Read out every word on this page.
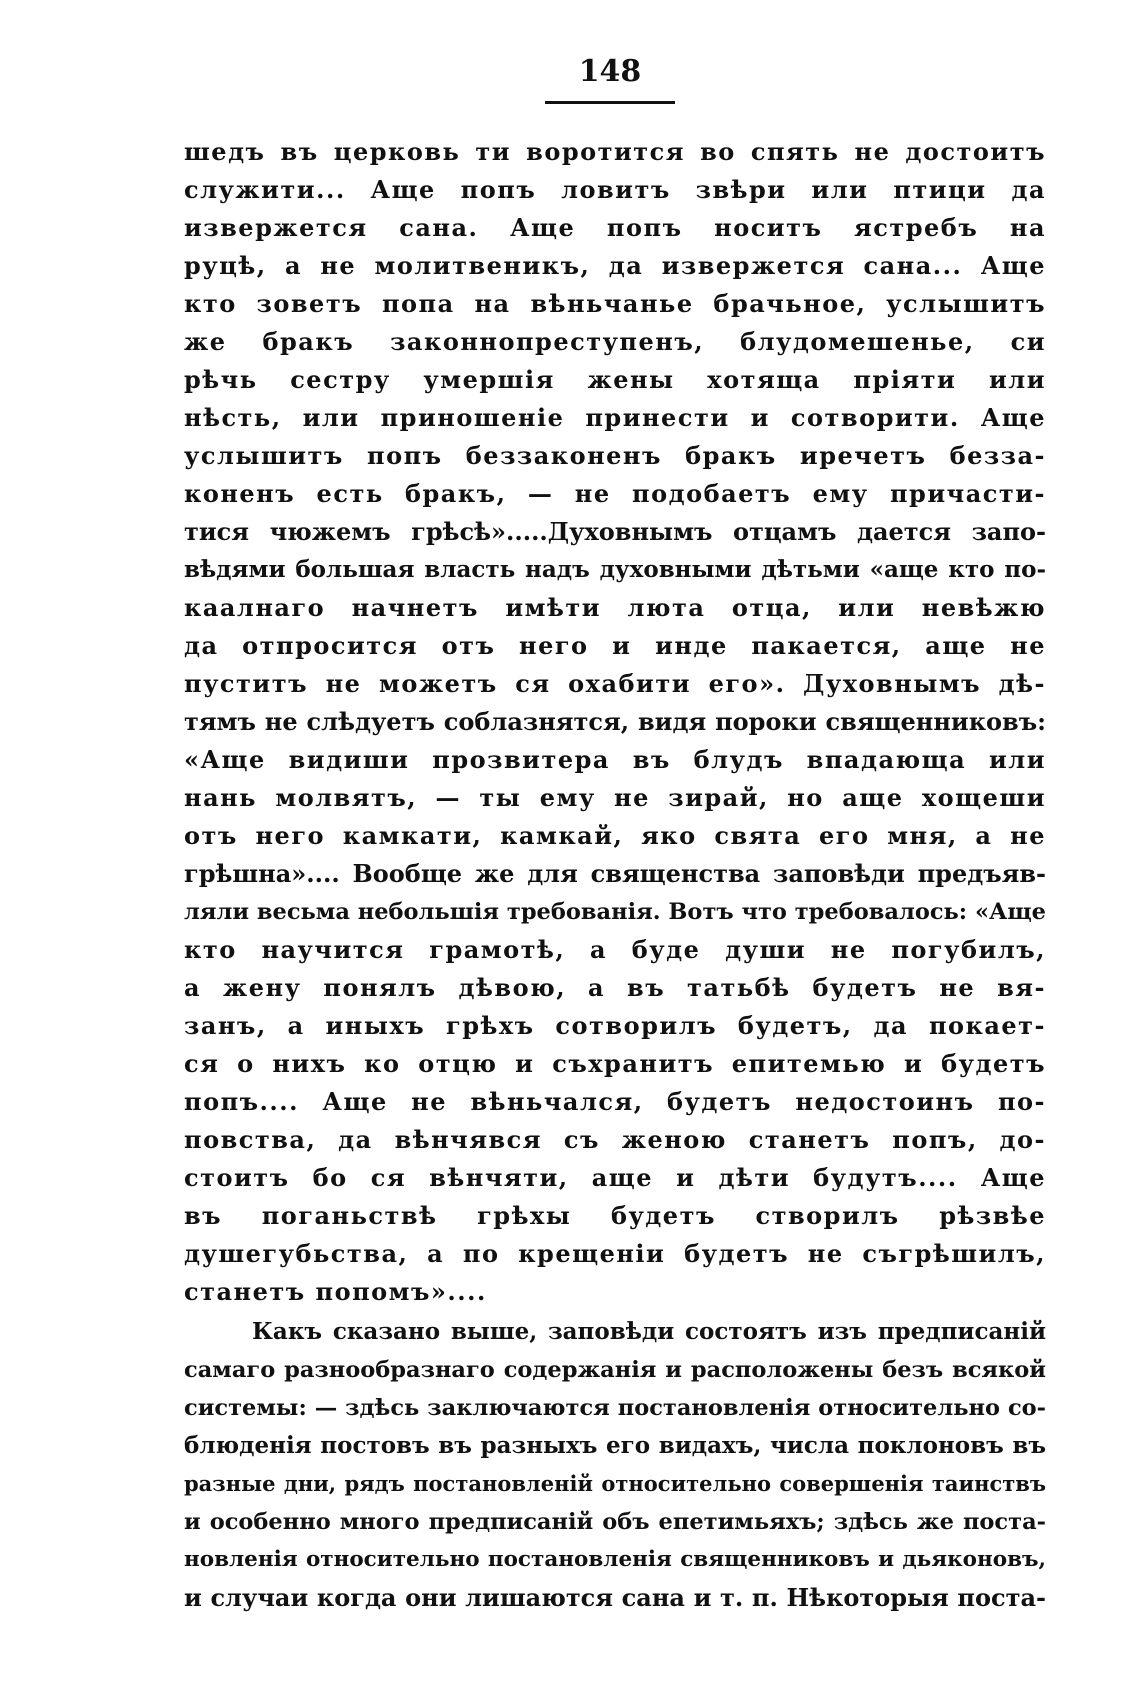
148
шедъ въ церковь ти воротится во спять не достоитъ
служити... Аще попъ ловитъ звѣри или птици да
извержется сана. Аще попъ носитъ ястребъ на
руцѣ, а не молитвеникъ, да извержется сана... Аще
кто зоветъ попа на вѣньчанье брачьное, услышитъ
же бракъ законнопреступенъ, блудомешенье, си
рѣчь сестру умершія жены хотяща пріяти или
нѣсть, или приношеніе принести и сотворити. Аще
услышитъ попъ беззаконенъ бракъ иречетъ безза-
коненъ есть бракъ, — не подобаетъ ему причасти-
тися чюжемъ грѣсѣ».....Духовнымъ отцамъ дается запо-
вѣдями большая власть надъ духовными дѣтьми «аще кто по-
каалнаго начнетъ имѣти люта отца, или невѣжю
да отпросится отъ него и инде пакается, аще не
пуститъ не можетъ ся охабити его». Духовнымъ дѣ-
тямъ не слѣдуетъ соблазнятся, видя пороки священниковъ:
«Аще видиши прозвитера въ блудъ впадающа или
нань молвятъ, — ты ему не зирай, но аще хощеши
отъ него камкати, камкай, яко свята его мня, а не
грѣшна».... Вообще же для священства заповѣди предъяв-
ляли весьма небольшія требованія. Вотъ что требовалось: «Аще
кто научится грамотѣ, а буде души не погубилъ,
а жену понялъ дѣвою, а въ татьбѣ будетъ не вя-
занъ, а иныхъ грѣхъ сотворилъ будетъ, да покает-
ся о нихъ ко отцю и съхранитъ епитемью и будетъ
попъ.... Аще не вѣньчался, будетъ недостоинъ по-
повства, да вѣнчявся съ женою станетъ попъ, до-
стоитъ бо ся вѣнчяти, аще и дѣти будутъ.... Аще
въ поганьствѣ грѣхы будетъ створилъ рѣзвѣе
душегубьства, а по крещеніи будетъ не съгрѣшилъ,
станетъ попомъ»....
Какъ сказано выше, заповѣди состоятъ изъ предписаній
самаго разнообразнаго содержанія и расположены безъ всякой
системы: — здѣсь заключаются постановленія относительно со-
блюденія постовъ въ разныхъ его видахъ, числа поклоновъ въ
разные дни, рядъ постановленій относительно совершенія таинствъ
и особенно много предписаній объ епетимьяхъ; здѣсь же поста-
новленія относительно постановленія священниковъ и дьяконовъ,
и случаи когда они лишаются сана и т. п. Нѣкоторыя поста-
